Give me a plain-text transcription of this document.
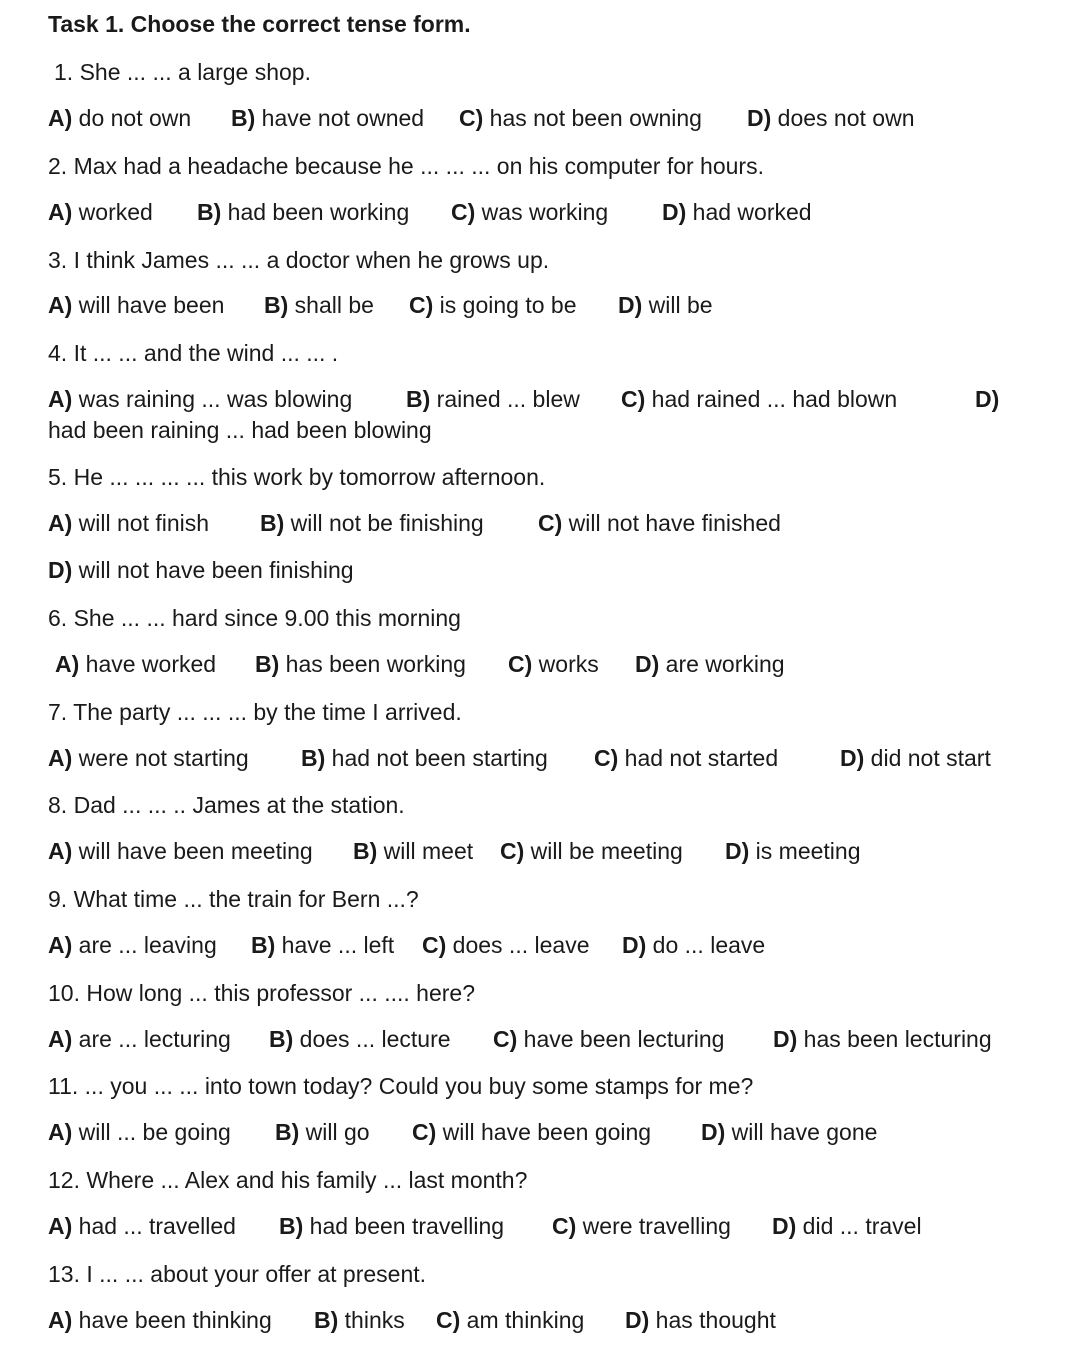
Task 1. Choose the correct tense form.
1. She ... ... a large shop.
A) do not own B) have not owned C) has not been owning D) does not own
2. Max had a headache because he ... ... ... on his computer for hours.
A) worked B) had been working C) was working D) had worked
3. I think James ... ... a doctor when he grows up.
A) will have been B) shall be C) is going to be D) will be
4. It ... ... and the wind ... ... .
A) was raining ... was blowing B) rained ... blew C) had rained ... had blown	D)
had been raining ... had been blowing
5. He ... ... ... ... this work by tomorrow afternoon.
A) will not finish B) will not be finishing C) will not have finished
D) will not have been finishing
6. She ... ... hard since 9.00 this morning
A) have worked B) has been working C) works D) are working
7. The party ... ... ... by the time I arrived.
A) were not starting B) had not been starting C) had not started	D) did not start
8. Dad ... ... .. James at the station.
A) will have been meeting B) will meet C) will be meeting D) is meeting
9. What time ... the train for Bern ...?
A) are ... leaving B) have ... left C) does ... leave D) do ... leave
10. How long ... this professor ... .... here?
A) are ... lecturing B) does ... lecture C) have been lecturing D) has been lecturing
11. ... you ... ... into town today? Could you buy some stamps for me?
A) will ... be going B) will go C) will have been going D) will have gone
12. Where ... Alex and his family ... last month?
A) had ... travelled B) had been travelling C) were travelling D) did ... travel
13. I ... ... about your offer at present.
A) have been thinking B) thinks C) am thinking D) has thought
